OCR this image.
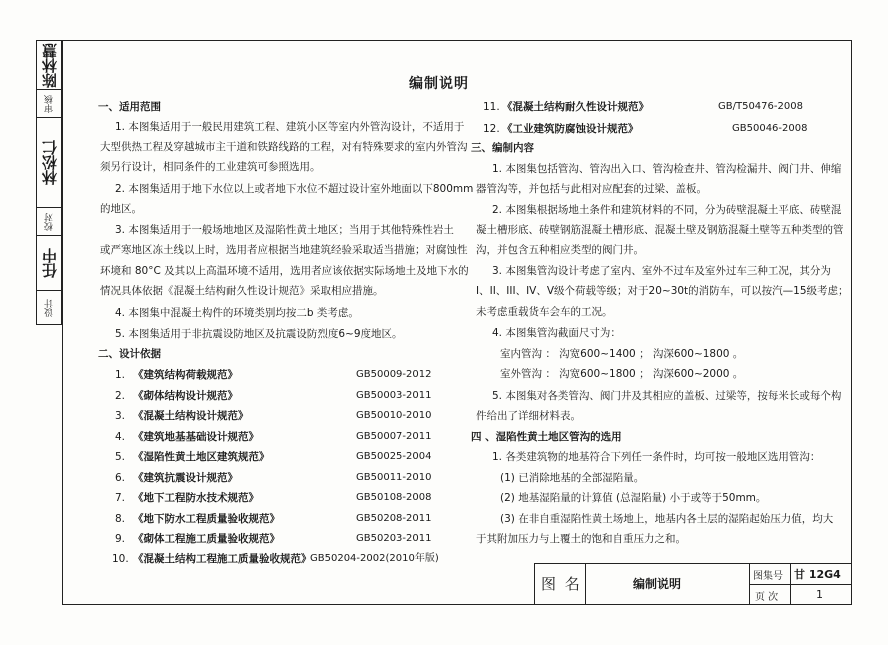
陈林慧
审核
林松仁
校对
任中
设计
编制说明
一、适用范围
1. 本图集适用于一般民用建筑工程、建筑小区等室内外管沟设计，不适用于
大型供热工程及穿越城市主干道和铁路线路的工程，对有特殊要求的室内外管沟
须另行设计，相同条件的工业建筑可参照选用。
2. 本图集适用于地下水位以上或者地下水位不超过设计室外地面以下800mm
的地区。
3. 本图集适用于一般场地地区及湿陷性黄土地区；当用于其他特殊性岩土
或严寒地区冻土线以上时，选用者应根据当地建筑经验采取适当措施；对腐蚀性
环境和 80°C 及其以上高温环境不适用，选用者应该依据实际场地土及地下水的
情况具体依据《混凝土结构耐久性设计规范》采取相应措施。
4. 本图集中混凝土构件的环境类别均按二b 类考虑。
5. 本图集适用于非抗震设防地区及抗震设防烈度6~9度地区。
二、设计依据
1. 《建筑结构荷载规范》	GB50009-2012
2. 《砌体结构设计规范》	GB50003-2011
3. 《混凝土结构设计规范》	GB50010-2010
4. 《建筑地基基础设计规范》	GB50007-2011
5. 《湿陷性黄土地区建筑规范》	GB50025-2004
6. 《建筑抗震设计规范》	GB50011-2010
7. 《地下工程防水技术规范》	GB50108-2008
8. 《地下防水工程质量验收规范》	GB50208-2011
9. 《砌体工程施工质量验收规范》	GB50203-2011
10. 《混凝土结构工程施工质量验收规范》
GB50204-2002(2010年版)
11. 《混凝土结构耐久性设计规范》	GB/T50476-2008
12. 《工业建筑防腐蚀设计规范》	GB50046-2008
三、编制内容
1. 本图集包括管沟、管沟出入口、管沟检查井、管沟检漏井、阀门井、伸缩
器管沟等，并包括与此相对应配套的过梁、盖板。
2. 本图集根据场地土条件和建筑材料的不同，分为砖壁混凝土平底、砖壁混
凝土槽形底、砖壁钢筋混凝土槽形底、混凝土壁及钢筋混凝土壁等五种类型的管
沟，并包含五种相应类型的阀门井。
3. 本图集管沟设计考虑了室内、室外不过车及室外过车三种工况，其分为
I、II、III、IV、V级个荷载等级；对于20~30t的消防车，可以按汽—15级考虑；
未考虑重载货车会车的工况。
4. 本图集管沟截面尺寸为：
室内管沟 ： 沟宽600~1400 ； 沟深600~1800 。
室外管沟 ： 沟宽600~1800 ； 沟深600~2000 。
5. 本图集对各类管沟、阀门井及其相应的盖板、过梁等，按每米长或每个构
件给出了详细材料表。
四 、湿陷性黄土地区管沟的选用
1. 各类建筑物的地基符合下列任一条件时，均可按一般地区选用管沟：
(1) 已消除地基的全部湿陷量。
(2) 地基湿陷量的计算值 (总湿陷量) 小于或等于50mm。
(3) 在非自重湿陷性黄土场地上，地基内各土层的湿陷起始压力值，均大
于其附加压力与上覆土的饱和自重压力之和。
图 名	编制说明
图集号 甘 12G4
页 次	1
